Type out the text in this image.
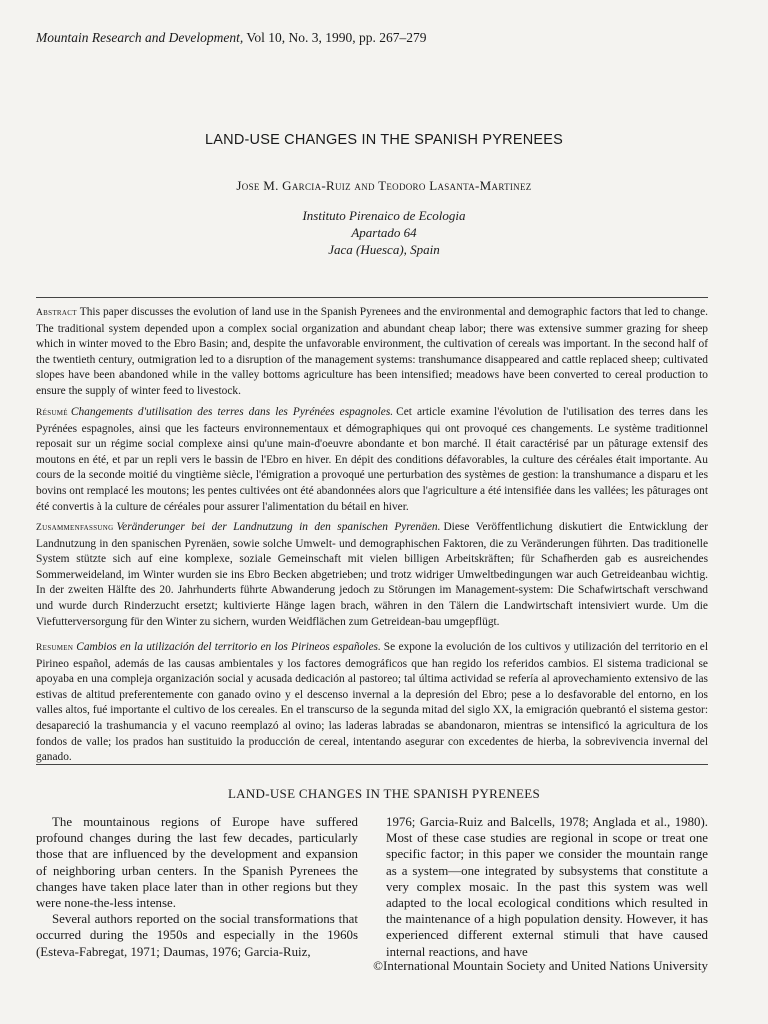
Mountain Research and Development, Vol 10, No. 3, 1990, pp. 267–279
LAND-USE CHANGES IN THE SPANISH PYRENEES
Jose M. Garcia-Ruiz and Teodoro Lasanta-Martinez
Instituto Pirenaico de Ecologia
Apartado 64
Jaca (Huesca), Spain
Abstract This paper discusses the evolution of land use in the Spanish Pyrenees and the environmental and demographic factors that led to change. The traditional system depended upon a complex social organization and abundant cheap labor; there was extensive summer grazing for sheep which in winter moved to the Ebro Basin; and, despite the unfavorable environment, the cultivation of cereals was important. In the second half of the twentieth century, outmigration led to a disruption of the management systems: transhumance disappeared and cattle replaced sheep; cultivated slopes have been abandoned while in the valley bottoms agriculture has been intensified; meadows have been converted to cereal production to ensure the supply of winter feed to livestock.
Résumé Changements d'utilisation des terres dans les Pyrénées espagnoles. Cet article examine l'évolution de l'utilisation des terres dans les Pyrénées espagnoles, ainsi que les facteurs environnementaux et démographiques qui ont provoqué ces changements. Le système traditionnel reposait sur un régime social complexe ainsi qu'une main-d'oeuvre abondante et bon marché. Il était caractérisé par un pâturage extensif des moutons en été, et par un repli vers le bassin de l'Ebro en hiver. En dépit des conditions défavorables, la culture des céréales était importante. Au cours de la seconde moitié du vingtième siècle, l'émigration a provoqué une perturbation des systèmes de gestion: la transhumance a disparu et les bovins ont remplacé les moutons; les pentes cultivées ont été abandonnées alors que l'agriculture a été intensifiée dans les vallées; les pâturages ont été convertis à la culture de céréales pour assurer l'alimentation du bétail en hiver.
Zusammenfassung Veränderunger bei der Landnutzung in den spanischen Pyrenäen. Diese Veröffentlichung diskutiert die Entwicklung der Landnutzung in den spanischen Pyrenäen, sowie solche Umwelt- und demographischen Faktoren, die zu Veränderungen führten. Das traditionelle System stützte sich auf eine komplexe, soziale Gemeinschaft mit vielen billigen Arbeitskräften; für Schafherden gab es ausreichendes Sommerweideland, im Winter wurden sie ins Ebro Becken abgetrieben; und trotz widriger Umweltbedingungen war auch Getreideanbau wichtig. In der zweiten Hälfte des 20. Jahrhunderts führte Abwanderung jedoch zu Störungen im Management-system: Die Schafwirtschaft verschwand und wurde durch Rinderzucht ersetzt; kultivierte Hänge lagen brach, währen in den Tälern die Landwirtschaft intensiviert wurde. Um die Viefutterversorgung für den Winter zu sichern, wurden Weidflächen zum Getreidean-bau umgepflügt.
Resumen Cambios en la utilización del territorio en los Pirineos españoles. Se expone la evolución de los cultivos y utilización del territorio en el Pirineo español, además de las causas ambientales y los factores demográficos que han regido los referidos cambios. El sistema tradicional se apoyaba en una compleja organización social y acusada dedicación al pastoreo; tal última actividad se refería al aprovechamiento extensivo de las estivas de altitud preferentemente con ganado ovino y el descenso invernal a la depresión del Ebro; pese a lo desfavorable del entorno, en los valles altos, fué importante el cultivo de los cereales. En el transcurso de la segunda mitad del siglo XX, la emigración quebrantó el sistema gestor: desapareció la trashumancia y el vacuno reemplazó al ovino; las laderas labradas se abandonaron, mientras se intensificó la agricultura de los fondos de valle; los prados han sustituido la producción de cereal, intentando asegurar con excedentes de hierba, la sobrevivencia invernal del ganado.
LAND-USE CHANGES IN THE SPANISH PYRENEES

The mountainous regions of Europe have suffered profound changes during the last few decades, particularly those that are influenced by the development and expansion of neighboring urban centers. In the Spanish Pyrenees the changes have taken place later than in other regions but they were none-the-less intense.

Several authors reported on the social transformations that occurred during the 1950s and especially in the 1960s (Esteva-Fabregat, 1971; Daumas, 1976; Garcia-Ruiz,

1976; Garcia-Ruiz and Balcells, 1978; Anglada et al., 1980). Most of these case studies are regional in scope or treat one specific factor; in this paper we consider the mountain range as a system—one integrated by subsystems that constitute a very complex mosaic. In the past this system was well adapted to the local ecological conditions which resulted in the maintenance of a high population density. However, it has experienced different external stimuli that have caused internal reactions, and have

©International Mountain Society and United Nations University
